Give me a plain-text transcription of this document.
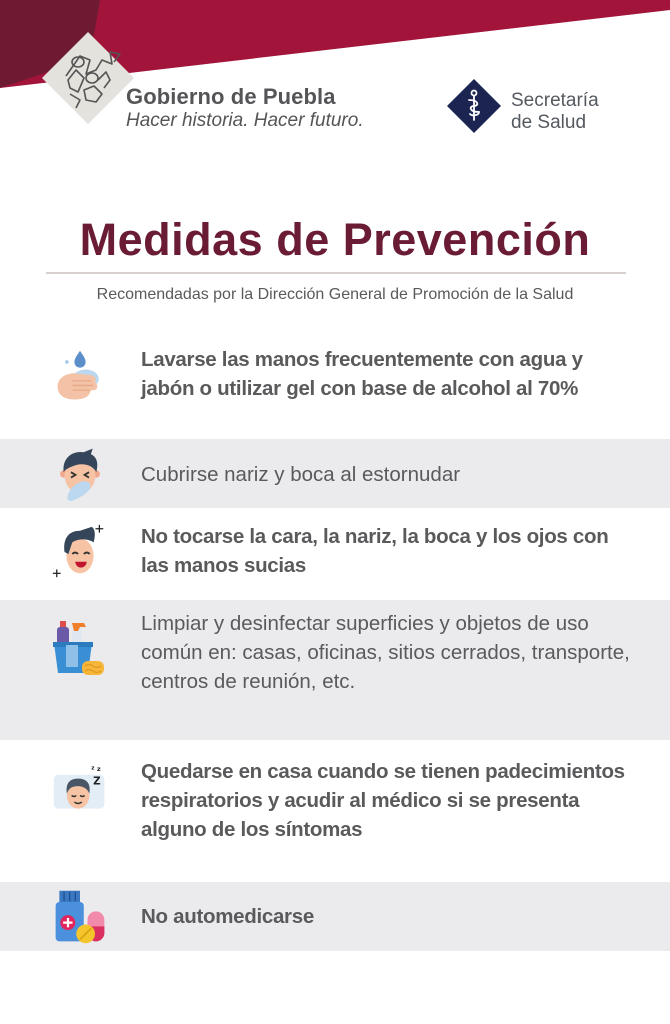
Gobierno de Puebla
Hacer historia. Hacer futuro.
Secretaría
de Salud
Medidas de Prevención
Recomendadas por la Dirección General de Promoción de la Salud
Lavarse las manos frecuentemente con agua y jabón o utilizar gel con base de alcohol al 70%
Cubrirse nariz y boca al estornudar
No tocarse la cara, la nariz, la boca y los ojos con las manos sucias
Limpiar y desinfectar superficies y objetos de uso común en: casas, oficinas, sitios cerrados, transporte, centros de reunión, etc.
Z
z z Quedarse en casa cuando se tienen padecimientos respiratorios y acudir al médico si se presenta alguno de los síntomas
No automedicarse
